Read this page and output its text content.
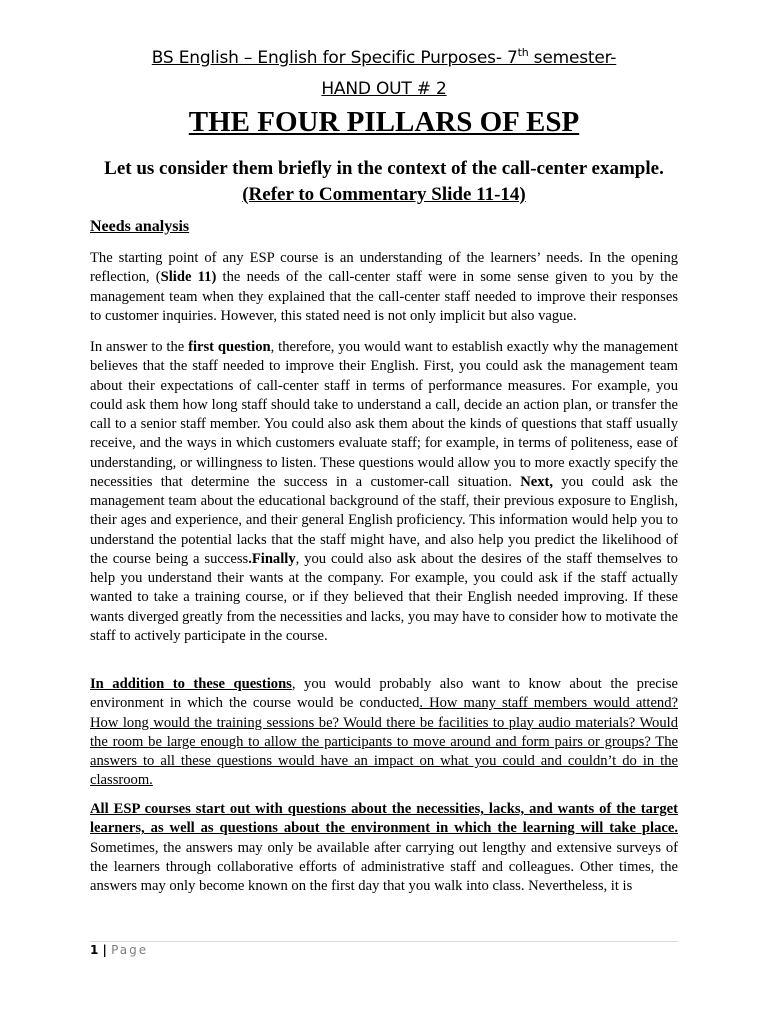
BS English – English for Specific Purposes- 7th semester-
HAND OUT # 2
THE FOUR PILLARS OF ESP
Let us consider them briefly in the context of the call-center example. (Refer to Commentary Slide 11-14)
Needs analysis
The starting point of any ESP course is an understanding of the learners’ needs. In the opening reflection, (Slide 11) the needs of the call-center staff were in some sense given to you by the management team when they explained that the call-center staff needed to improve their responses to customer inquiries. However, this stated need is not only implicit but also vague.
In answer to the first question, therefore, you would want to establish exactly why the management believes that the staff needed to improve their English. First, you could ask the management team about their expectations of call-center staff in terms of performance measures. For example, you could ask them how long staff should take to understand a call, decide an action plan, or transfer the call to a senior staff member. You could also ask them about the kinds of questions that staff usually receive, and the ways in which customers evaluate staff; for example, in terms of politeness, ease of understanding, or willingness to listen. These questions would allow you to more exactly specify the necessities that determine the success in a customer-call situation. Next, you could ask the management team about the educational background of the staff, their previous exposure to English, their ages and experience, and their general English proficiency. This information would help you to understand the potential lacks that the staff might have, and also help you predict the likelihood of the course being a success.Finally, you could also ask about the desires of the staff themselves to help you understand their wants at the company. For example, you could ask if the staff actually wanted to take a training course, or if they believed that their English needed improving. If these wants diverged greatly from the necessities and lacks, you may have to consider how to motivate the staff to actively participate in the course.
In addition to these questions, you would probably also want to know about the precise environment in which the course would be conducted. How many staff members would attend? How long would the training sessions be? Would there be facilities to play audio materials? Would the room be large enough to allow the participants to move around and form pairs or groups? The answers to all these questions would have an impact on what you could and couldn’t do in the classroom.
All ESP courses start out with questions about the necessities, lacks, and wants of the target learners, as well as questions about the environment in which the learning will take place. Sometimes, the answers may only be available after carrying out lengthy and extensive surveys of the learners through collaborative efforts of administrative staff and colleagues. Other times, the answers may only become known on the first day that you walk into class. Nevertheless, it is
1 | Page
